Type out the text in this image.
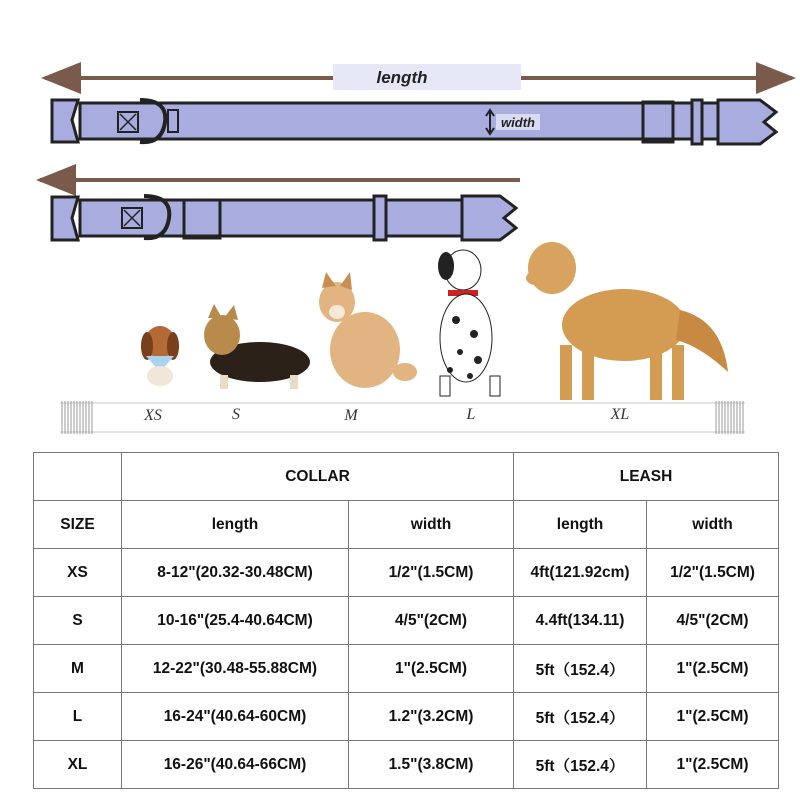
length
width
XS	S	M	L	XL
	COLLAR		LEASH	
SIZE	length	width	length	width
XS	8-12"(20.32-30.48CM)	1/2"(1.5CM)	4ft(121.92cm)	1/2"(1.5CM)
S	10-16"(25.4-40.64CM)	4/5"(2CM)	4.4ft(134.11)	4/5"(2CM)
M	12-22"(30.48-55.88CM)	1"(2.5CM)	5ft（152.4）	1"(2.5CM)
L	16-24"(40.64-60CM)	1.2"(3.2CM)	5ft（152.4）	1"(2.5CM)
XL	16-26"(40.64-66CM)	1.5"(3.8CM)	5ft（152.4）	1"(2.5CM)
